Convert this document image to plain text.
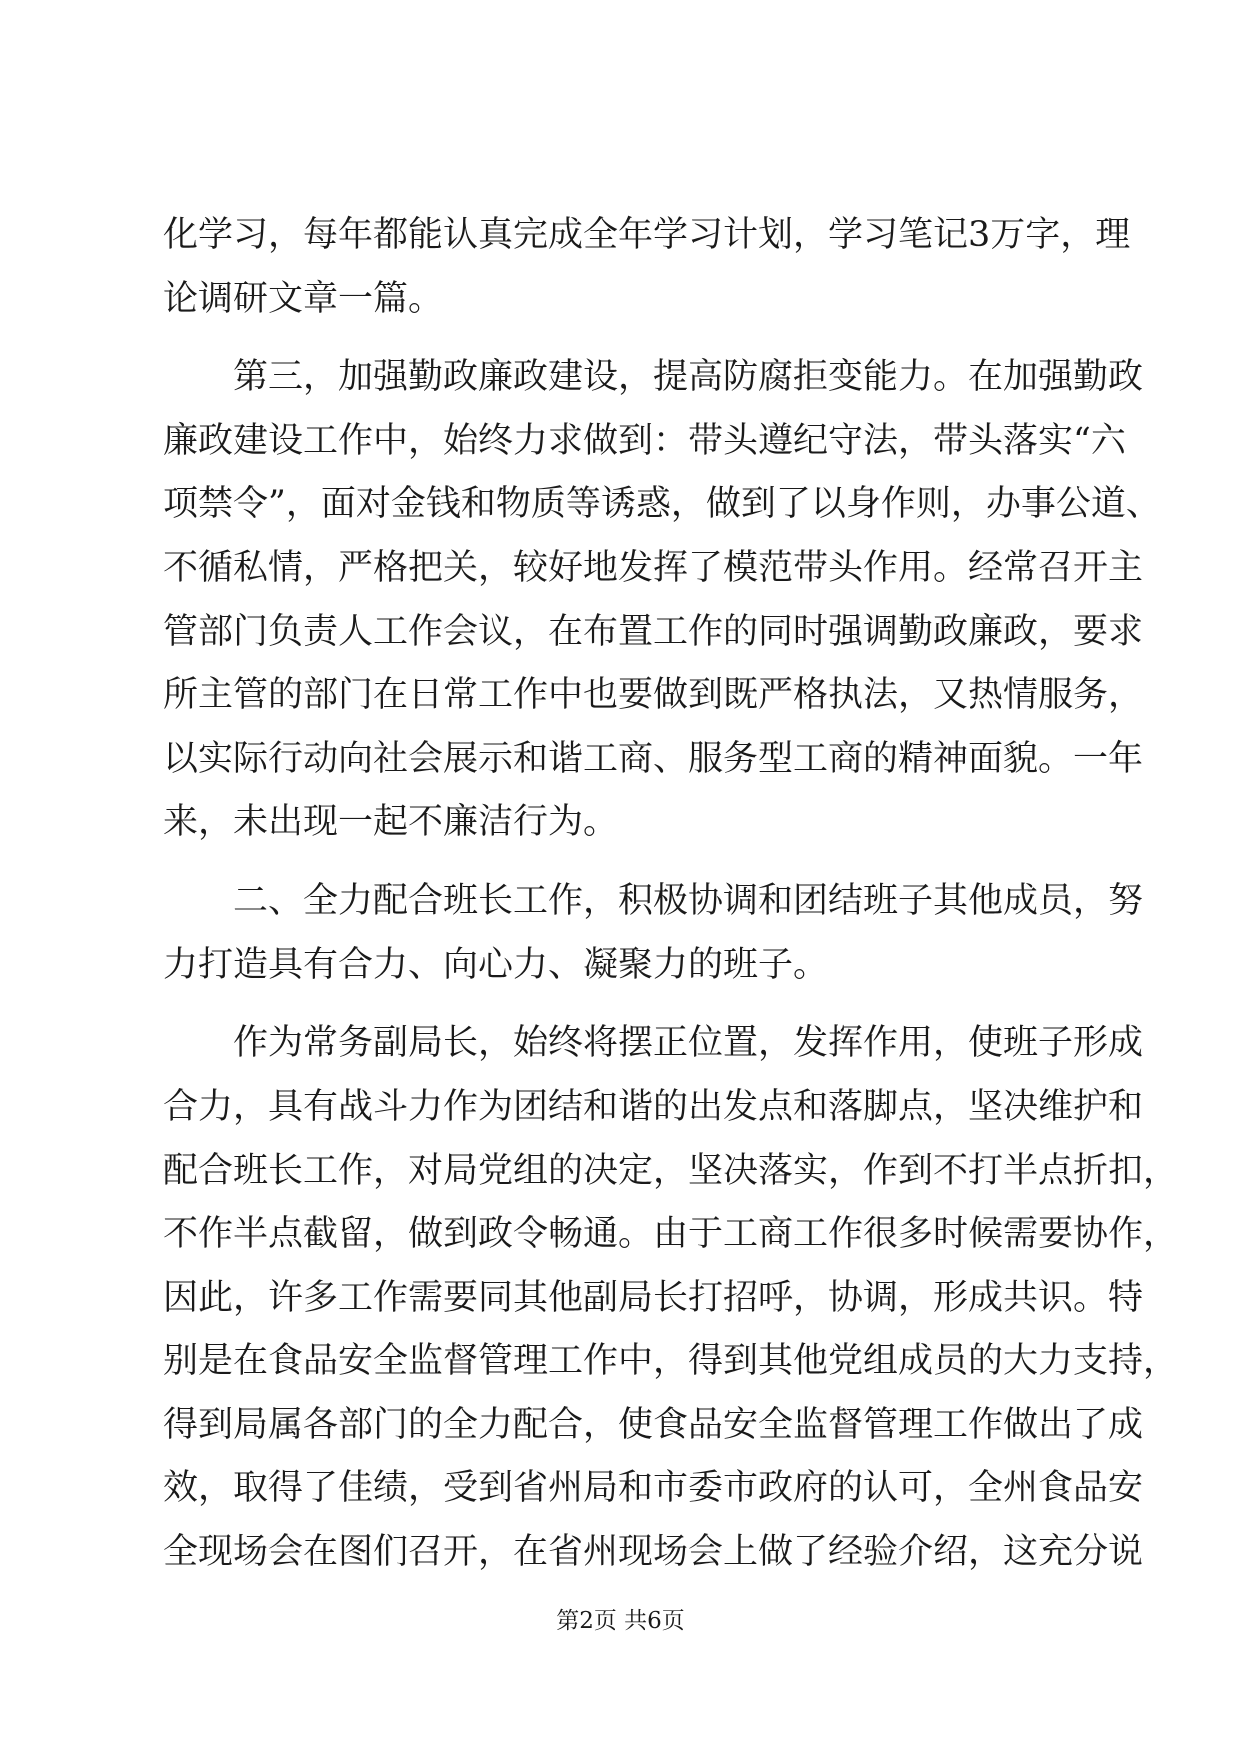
化学习，每年都能认真完成全年学习计划，学习笔记3万字，理
论调研文章一篇。
第三，加强勤政廉政建设，提高防腐拒变能力。在加强勤政
廉政建设工作中，始终力求做到：带头遵纪守法，带头落实“六
项禁令”，面对金钱和物质等诱惑，做到了以身作则，办事公道、
不循私情，严格把关，较好地发挥了模范带头作用。经常召开主
管部门负责人工作会议，在布置工作的同时强调勤政廉政，要求
所主管的部门在日常工作中也要做到既严格执法，又热情服务，
以实际行动向社会展示和谐工商、服务型工商的精神面貌。一年
来，未出现一起不廉洁行为。
二、全力配合班长工作，积极协调和团结班子其他成员，努
力打造具有合力、向心力、凝聚力的班子。
作为常务副局长，始终将摆正位置，发挥作用，使班子形成
合力，具有战斗力作为团结和谐的出发点和落脚点，坚决维护和
配合班长工作，对局党组的决定，坚决落实，作到不打半点折扣，
不作半点截留，做到政令畅通。由于工商工作很多时候需要协作，
因此，许多工作需要同其他副局长打招呼，协调，形成共识。特
别是在食品安全监督管理工作中，得到其他党组成员的大力支持，
得到局属各部门的全力配合，使食品安全监督管理工作做出了成
效，取得了佳绩，受到省州局和市委市政府的认可，全州食品安
全现场会在图们召开，在省州现场会上做了经验介绍，这充分说
第2页 共6页
